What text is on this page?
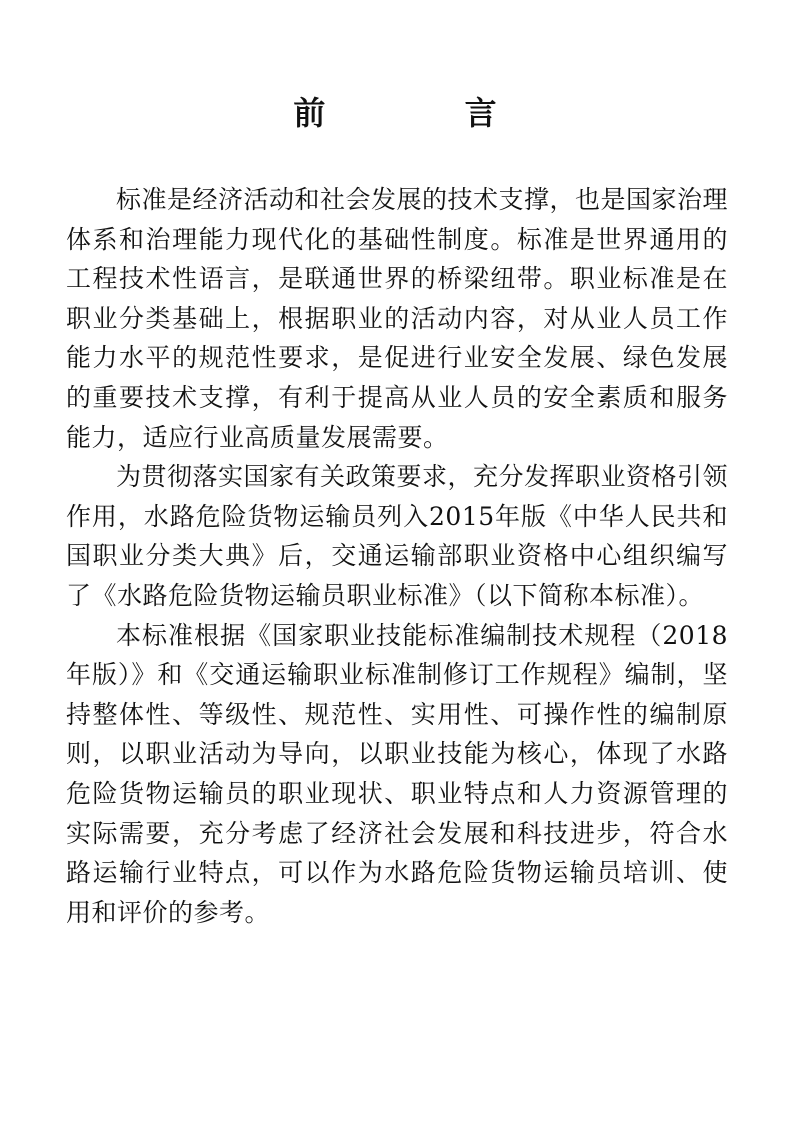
前 言

标准是经济活动和社会发展的技术支撑，也是国家治理体系和治理能力现代化的基础性制度。标准是世界通用的工程技术性语言，是联通世界的桥梁纽带。职业标准是在职业分类基础上，根据职业的活动内容，对从业人员工作能力水平的规范性要求，是促进行业安全发展、绿色发展的重要技术支撑，有利于提高从业人员的安全素质和服务能力，适应行业高质量发展需要。

为贯彻落实国家有关政策要求，充分发挥职业资格引领作用，水路危险货物运输员列入2015年版《中华人民共和国职业分类大典》后，交通运输部职业资格中心组织编写了《水路危险货物运输员职业标准》（以下简称本标准）。

本标准根据《国家职业技能标准编制技术规程（2018年版）》和《交通运输职业标准制修订工作规程》编制，坚持整体性、等级性、规范性、实用性、可操作性的编制原则，以职业活动为导向，以职业技能为核心，体现了水路危险货物运输员的职业现状、职业特点和人力资源管理的实际需要，充分考虑了经济社会发展和科技进步，符合水路运输行业特点，可以作为水路危险货物运输员培训、使用和评价的参考。
